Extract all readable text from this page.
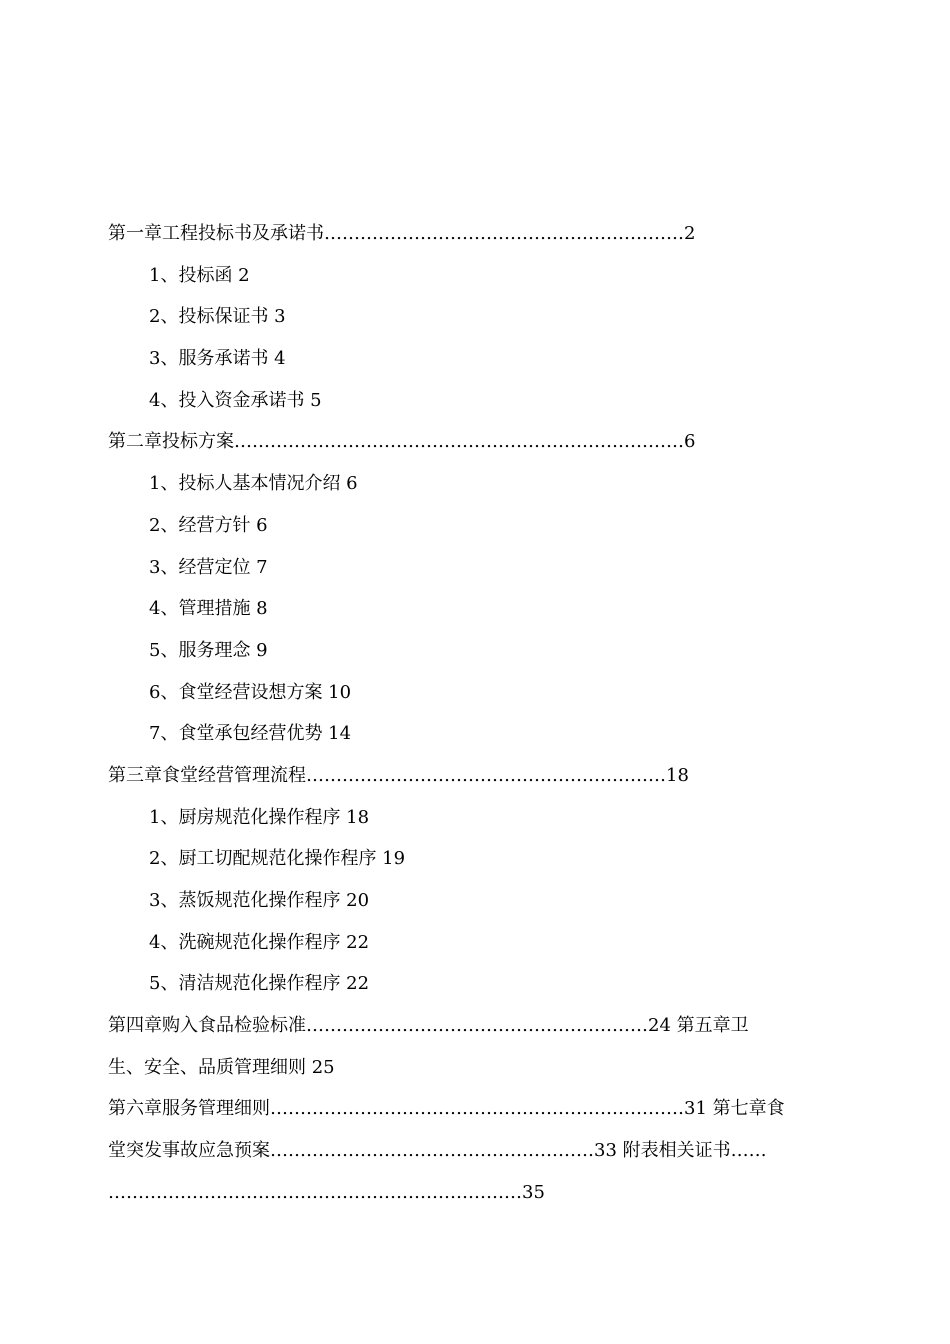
第一章工程投标书及承诺书……………………………………………………2
1、投标函 2
2、投标保证书 3
3、服务承诺书 4
4、投入资金承诺书 5
第二章投标方案…………………………………………………………………6
1、投标人基本情况介绍 6
2、经营方针 6
3、经营定位 7
4、管理措施 8
5、服务理念 9
6、食堂经营设想方案 10
7、食堂承包经营优势 14
第三章食堂经营管理流程……………………………………………………18
1、厨房规范化操作程序 18
2、厨工切配规范化操作程序 19
3、蒸饭规范化操作程序 20
4、洗碗规范化操作程序 22
5、清洁规范化操作程序 22
第四章购入食品检验标准…………………………………………………24 第五章卫
生、安全、品质管理细则 25
第六章服务管理细则……………………………………………………………31 第七章食
堂突发事故应急预案………………………………………………33 附表相关证书……
……………………………………………………………35
